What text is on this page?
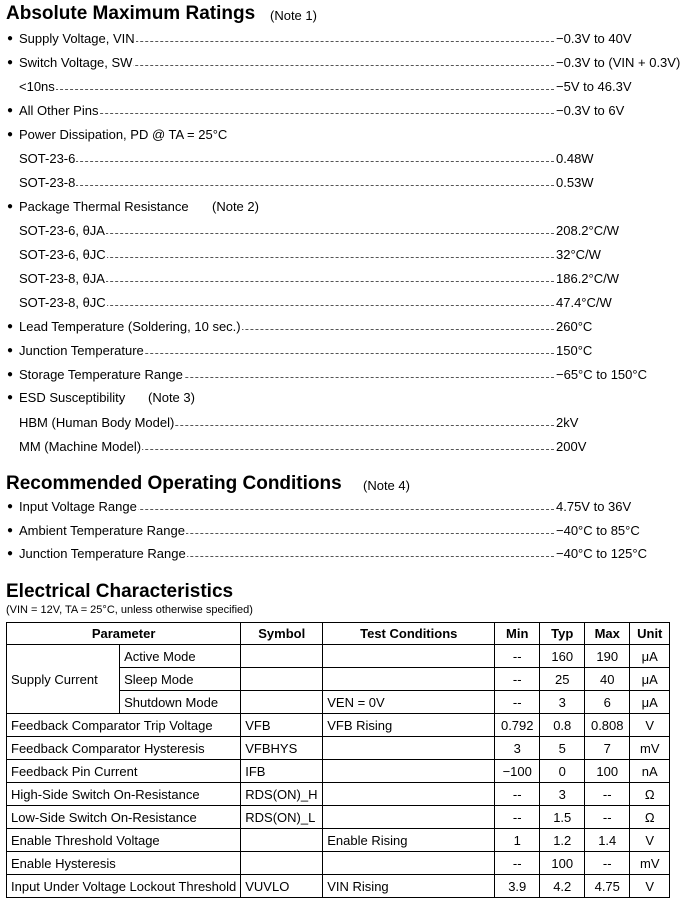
Absolute Maximum Ratings (Note 1)
● Supply Voltage, VIN	−0.3V to 40V
● Switch Voltage, SW	−0.3V to (VIN + 0.3V)
<10ns	−5V to 46.3V
● All Other Pins	−0.3V to 6V
● Power Dissipation, PD @ TA = 25°C
SOT-23-6	0.48W
SOT-23-8	0.53W
● Package Thermal Resistance (Note 2)
SOT-23-6, θJA	208.2°C/W
SOT-23-6, θJC	32°C/W
SOT-23-8, θJA	186.2°C/W
SOT-23-8, θJC	47.4°C/W
● Lead Temperature (Soldering, 10 sec.)	260°C
● Junction Temperature	150°C
● Storage Temperature Range	−65°C to 150°C
● ESD Susceptibility (Note 3)
HBM (Human Body Model)	2kV
MM (Machine Model)	200V
Recommended Operating Conditions (Note 4)
● Input Voltage Range	4.75V to 36V
● Ambient Temperature Range	−40°C to 85°C
● Junction Temperature Range	−40°C to 125°C
Electrical Characteristics
(VIN = 12V, TA = 25°C, unless otherwise specified)
Parameter		Symbol	Test Conditions	Min	Typ	Max	Unit
Supply Current	Active Mode			--	160	190	μA
	Sleep Mode			--	25	40	μA
	Shutdown Mode		VEN = 0V	--	3	6	μA
Feedback Comparator Trip Voltage		VFB	VFB Rising	0.792	0.8	0.808	V
Feedback Comparator Hysteresis		VFBHYS		3	5	7	mV
Feedback Pin Current		IFB		−100	0	100	nA
High-Side Switch On-Resistance		RDS(ON)_H		--	3	--	Ω
Low-Side Switch On-Resistance		RDS(ON)_L		--	1.5	--	Ω
Enable Threshold Voltage			Enable Rising	1	1.2	1.4	V
Enable Hysteresis				--	100	--	mV
Input Under Voltage Lockout Threshold		VUVLO	VIN Rising	3.9	4.2	4.75	V
